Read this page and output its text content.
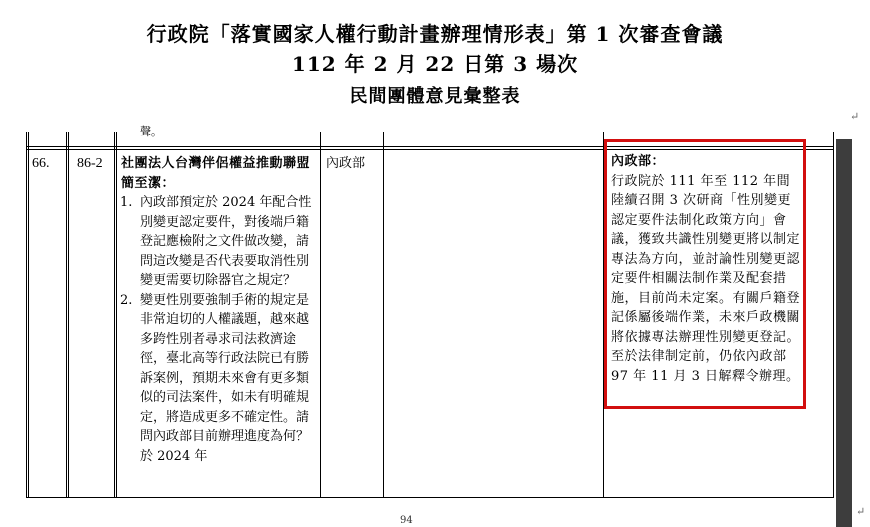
行政院「落實國家人權行動計畫辦理情形表」第 1 次審查會議
112 年 2 月 22 日第 3 場次
民間團體意見彙整表
↵
聲。
66. 86-2 社團法人台灣伴侶權益推動聯盟簡至潔：
1. 內政部預定於 2024 年配合性別變更認定要件，對後端戶籍登記應檢附之文件做改變，請問這改變是否代表要取消性別變更需要切除器官之規定？
2. 變更性別要強制手術的規定是非常迫切的人權議題，越來越多跨性別者尋求司法救濟途徑，臺北高等行政法院已有勝訴案例，預期未來會有更多類似的司法案件，如未有明確規定，將造成更多不確定性。請問內政部目前辦理進度為何？於 2024 年
內政部	內政部：
行政院於 111 年至 112 年間陸續召開 3 次研商「性別變更認定要件法制化政策方向」會議，獲致共識性別變更將以制定專法為方向，並討論性別變更認定要件相關法制作業及配套措施，目前尚未定案。有關戶籍登記係屬後端作業，未來戶政機關將依據專法辦理性別變更登記。至於法律制定前，仍依內政部 97 年 11 月 3 日解釋令辦理。
↵
94
